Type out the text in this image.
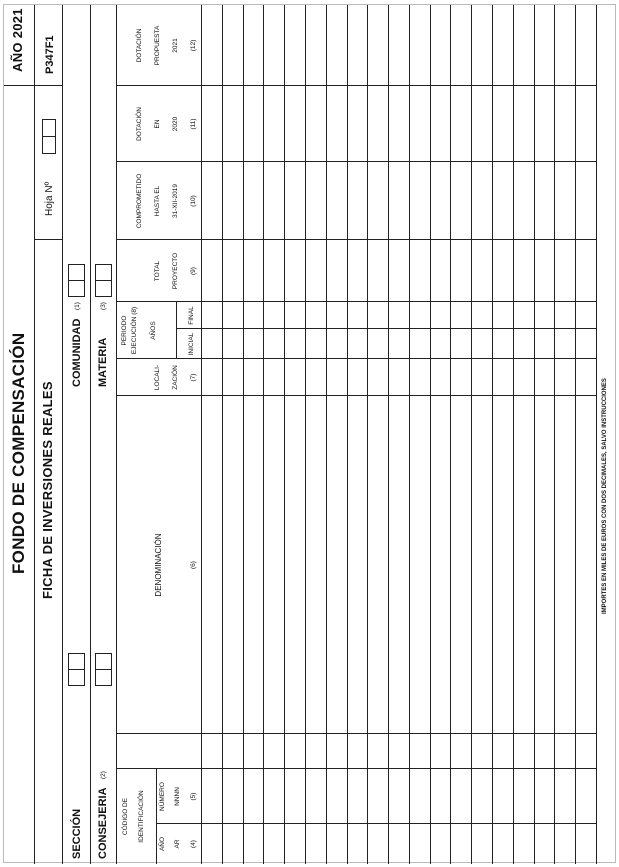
FONDO DE COMPENSACIÓN
AÑO 2021
FICHA DE INVERSIONES REALES
Hoja Nº
P347F1
SECCIÓN
COMUNIDAD
(1)
CONSEJERIA
(2)
MATERIA
(3)
CÓDIGO DE IDENTIFICACIÓN
AÑO AR (4)
NÚMERO NNNN (5)
DENOMINACIÓN	(6)
LOCALI- ZACIÓN (7)
PERIODO EJECUCIÓN (8) AÑOS
INICIAL
FINAL
TOTAL PROYECTO (9)
COMPROMETIDO HASTA EL 31-XII-2019 (10)
DOTACIÓN EN 2020 (11)
DOTACIÓN PROPUESTA 2021 (12)
IMPORTES EN MILES DE EUROS CON DOS DECIMALES, SALVO INSTRUCCIONES
